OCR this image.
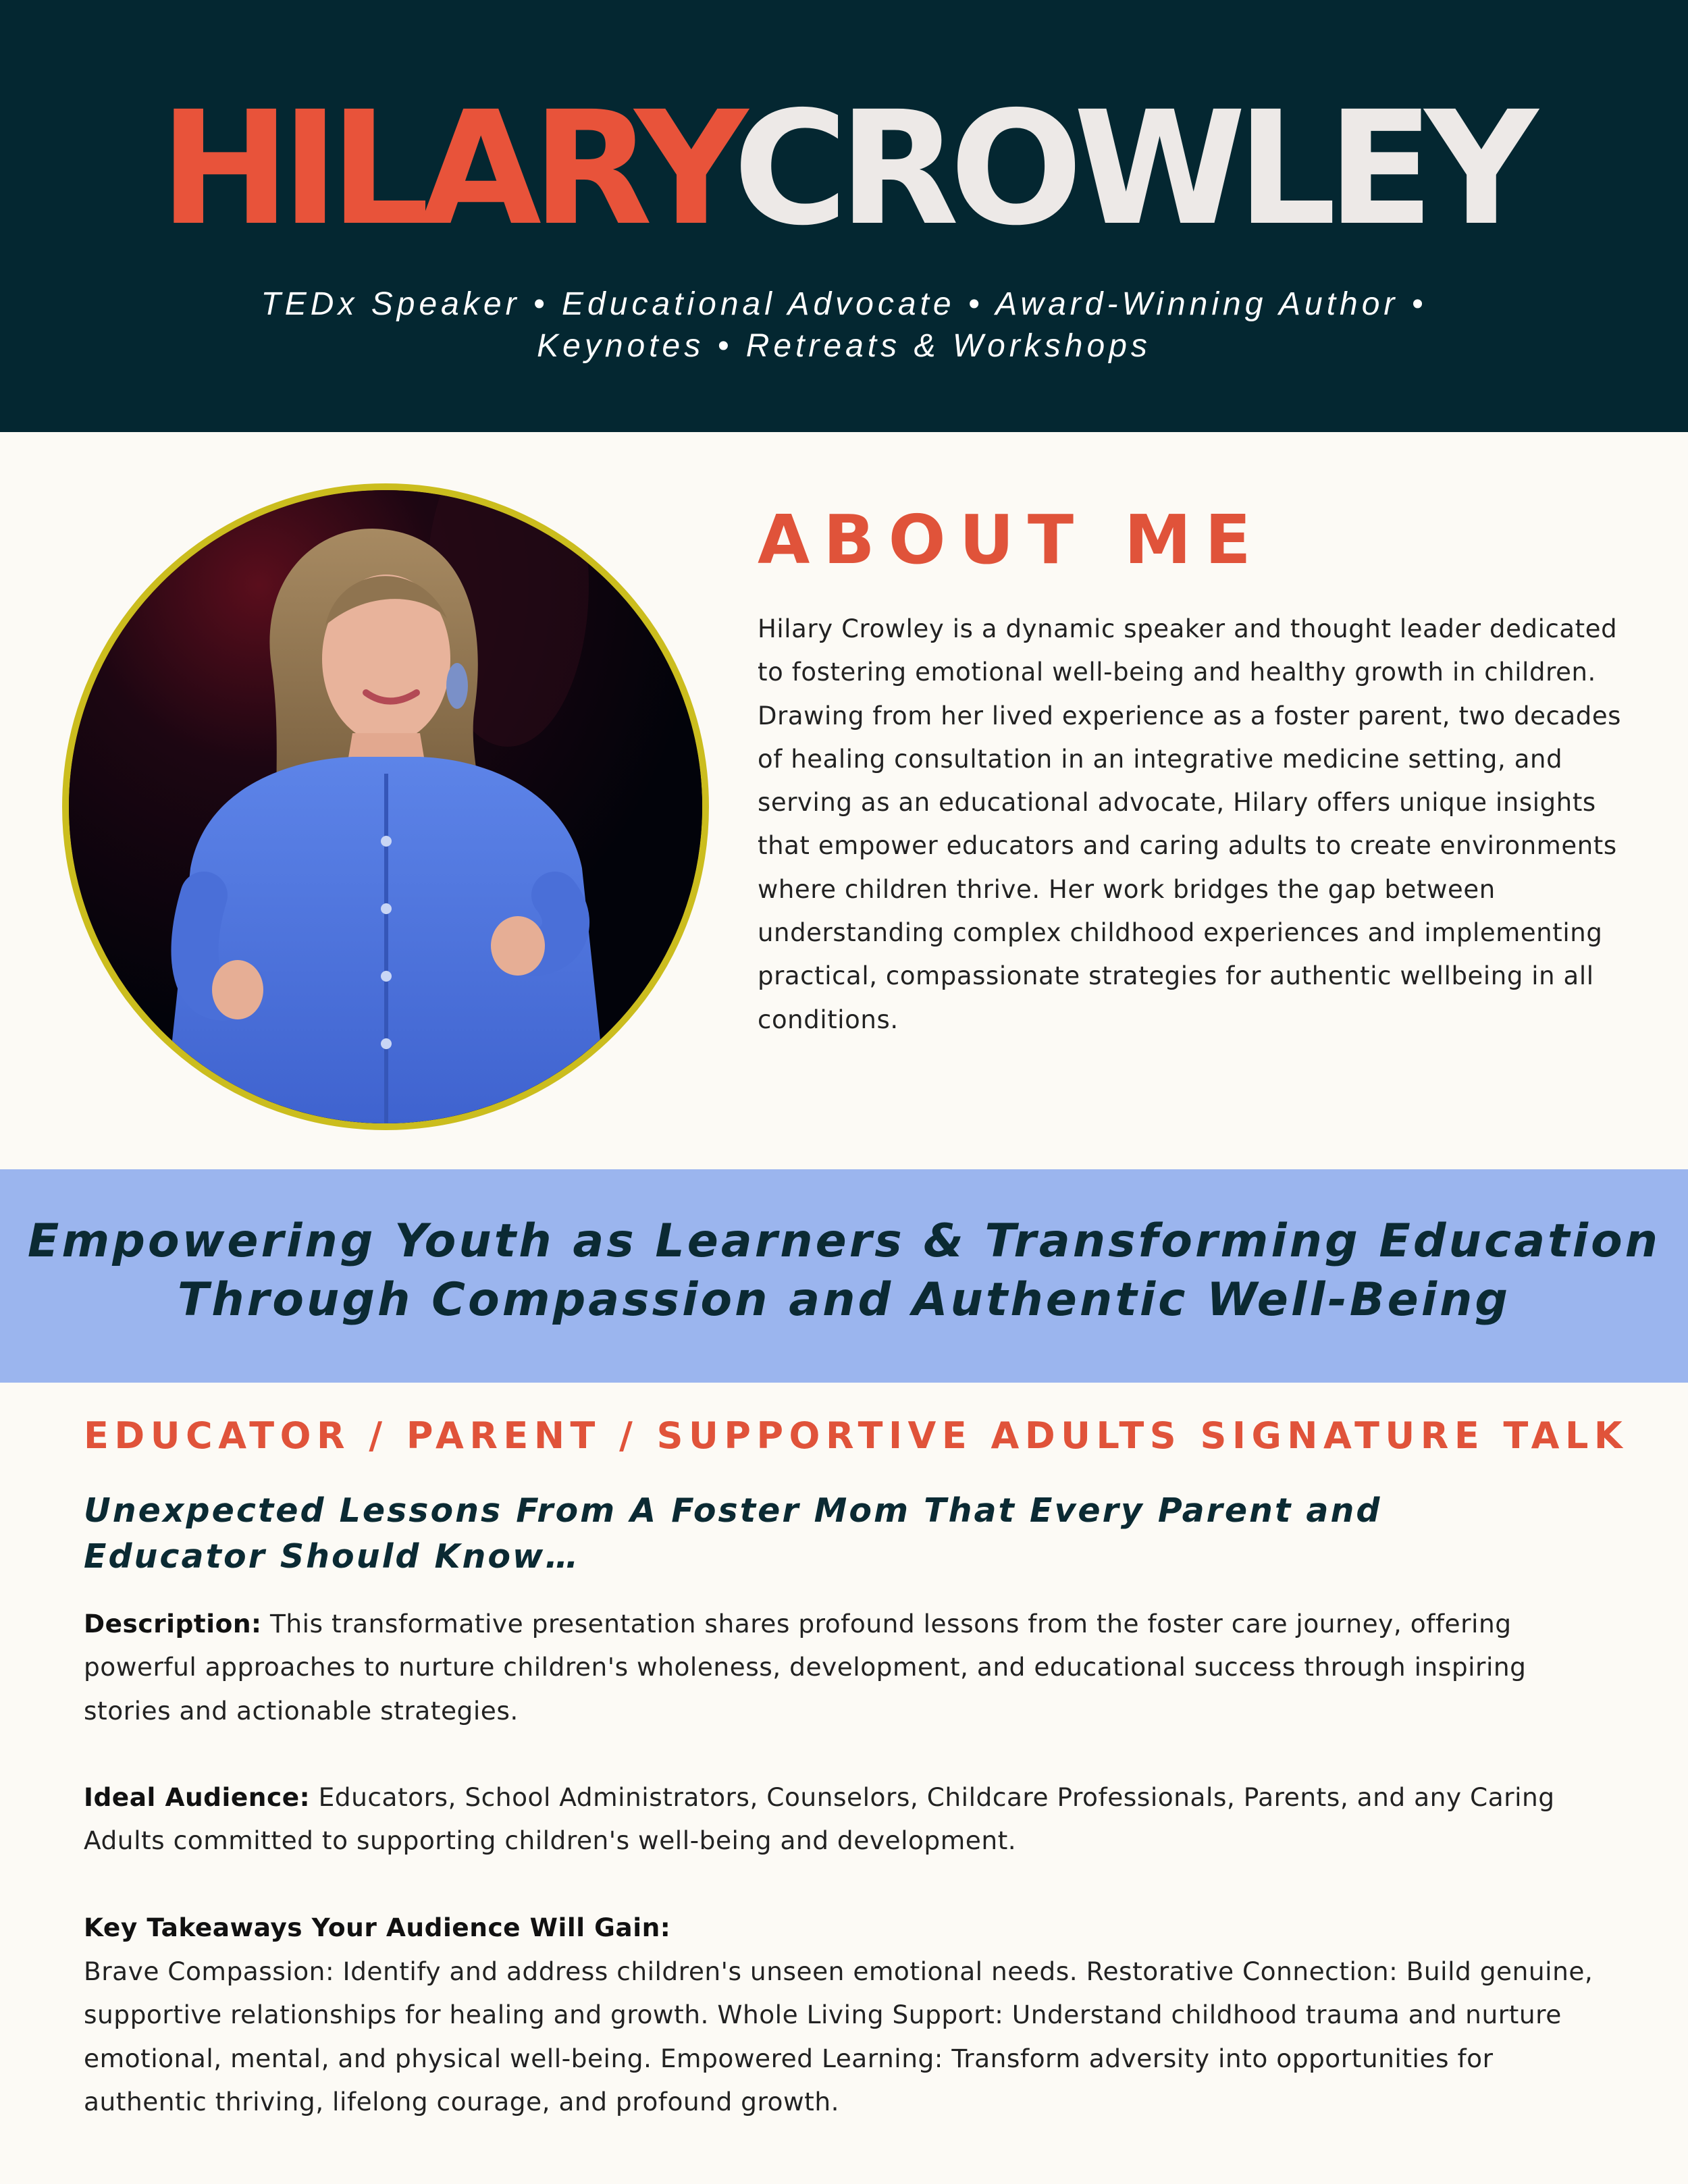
HILARYCROWLEY
TEDx Speaker • Educational Advocate • Award-Winning Author •
Keynotes • Retreats & Workshops
ABOUT ME
Hilary Crowley is a dynamic speaker and thought leader dedicated to fostering emotional well-being and healthy growth in children. Drawing from her lived experience as a foster parent, two decades of healing consultation in an integrative medicine setting, and serving as an educational advocate, Hilary offers unique insights that empower educators and caring adults to create environments where children thrive. Her work bridges the gap between understanding complex childhood experiences and implementing practical, compassionate strategies for authentic wellbeing in all conditions.
Empowering Youth as Learners & Transforming Education
Through Compassion and Authentic Well-Being
EDUCATOR / PARENT / SUPPORTIVE ADULTS SIGNATURE TALK
Unexpected Lessons From A Foster Mom That Every Parent and
Educator Should Know…
Description: This transformative presentation shares profound lessons from the foster care journey, offering powerful approaches to nurture children's wholeness, development, and educational success through inspiring stories and actionable strategies.
Ideal Audience: Educators, School Administrators, Counselors, Childcare Professionals, Parents, and any Caring Adults committed to supporting children's well-being and development.
Key Takeaways Your Audience Will Gain:
Brave Compassion: Identify and address children's unseen emotional needs. Restorative Connection: Build genuine, supportive relationships for healing and growth. Whole Living Support: Understand childhood trauma and nurture emotional, mental, and physical well-being. Empowered Learning: Transform adversity into opportunities for authentic thriving, lifelong courage, and profound growth.
